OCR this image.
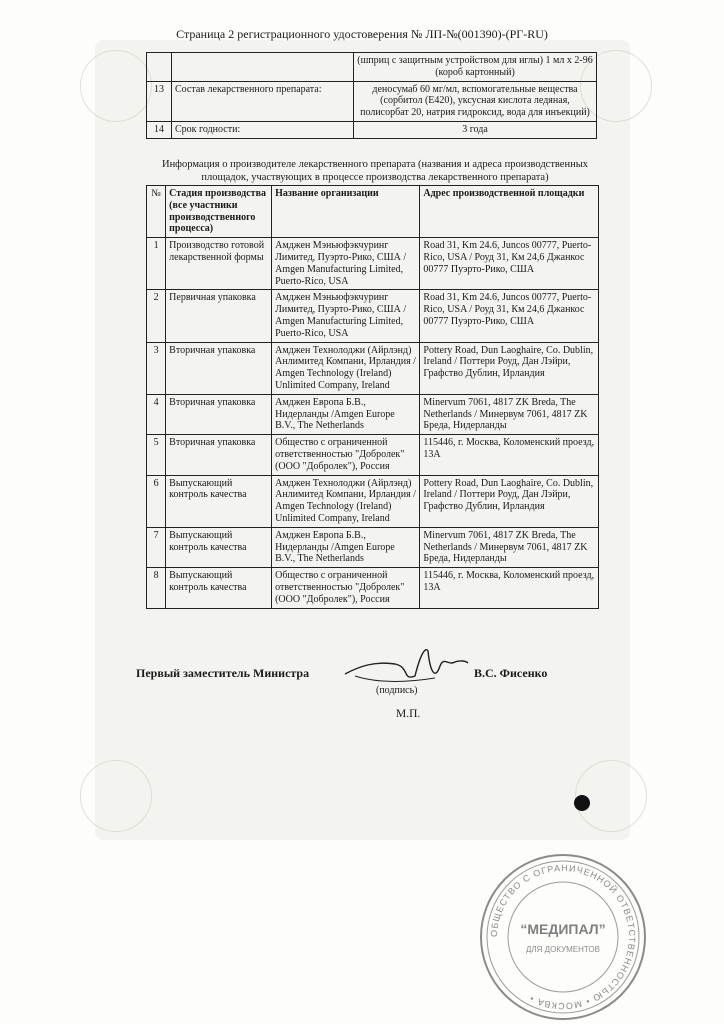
Страница 2 регистрационного удостоверения № ЛП-№(001390)-(РГ-RU)
		(шприц с защитным устройством для иглы) 1 мл x 2-96 (короб картонный)
13	Состав лекарственного препарата:	деносумаб 60 мг/мл, вспомогательные вещества (сорбитол (Е420), уксусная кислота ледяная, полисорбат 20, натрия гидроксид, вода для инъекций)
14	Срок годности:	3 года
Информация о производителе лекарственного препарата (названия и адреса производственных площадок, участвующих в процессе производства лекарственного препарата)
№	Стадия производства (все участники производственного процесса)	Название организации	Адрес производственной площадки
1	Производство готовой лекарственной формы	Амджен Мэньюфэкчуринг Лимитед, Пуэрто-Рико, США / Amgen Manufacturing Limited, Puerto-Rico, USA	Road 31, Km 24.6, Juncos 00777, Puerto-Rico, USA / Роуд 31, Км 24,6 Джанкос 00777 Пуэрто-Рико, США
2	Первичная упаковка	Амджен Мэньюфэкчуринг Лимитед, Пуэрто-Рико, США / Amgen Manufacturing Limited, Puerto-Rico, USA	Road 31, Km 24.6, Juncos 00777, Puerto-Rico, USA / Роуд 31, Км 24,6 Джанкос 00777 Пуэрто-Рико, США
3	Вторичная упаковка	Амджен Технолоджи (Айрлэнд) Анлимитед Компани, Ирландия / Amgen Technology (Ireland) Unlimited Company, Ireland	Pottery Road, Dun Laoghaire, Co. Dublin, Ireland / Поттери Роуд, Дан Лэйри, Графство Дублин, Ирландия
4	Вторичная упаковка	Амджен Европа Б.В., Нидерланды /Amgen Europe B.V., The Netherlands	Minervum 7061, 4817 ZK Breda, The Netherlands / Минервум 7061, 4817 ZK Бреда, Нидерланды
5	Вторичная упаковка	Общество с ограниченной ответственностью "Добролек" (ООО "Добролек"), Россия	115446, г. Москва, Коломенский проезд, 13А
6	Выпускающий контроль качества	Амджен Технолоджи (Айрлэнд) Анлимитед Компани, Ирландия / Amgen Technology (Ireland) Unlimited Company, Ireland	Pottery Road, Dun Laoghaire, Co. Dublin, Ireland / Поттери Роуд, Дан Лэйри, Графство Дублин, Ирландия
7	Выпускающий контроль качества	Амджен Европа Б.В., Нидерланды /Amgen Europe B.V., The Netherlands	Minervum 7061, 4817 ZK Breda, The Netherlands / Минервум 7061, 4817 ZK Бреда, Нидерланды
8	Выпускающий контроль качества	Общество с ограниченной ответственностью "Добролек" (ООО "Добролек"), Россия	115446, г. Москва, Коломенский проезд, 13А
Первый заместитель Министра	В.С. Фисенко
(подпись)
М.П.
ОБЩЕСТВО С ОГРАНИЧЕННОЙ ОТВЕТСТВЕННОСТЬЮ • МОСКВА •
“МЕДИПАЛ”
ДЛЯ ДОКУМЕНТОВ
